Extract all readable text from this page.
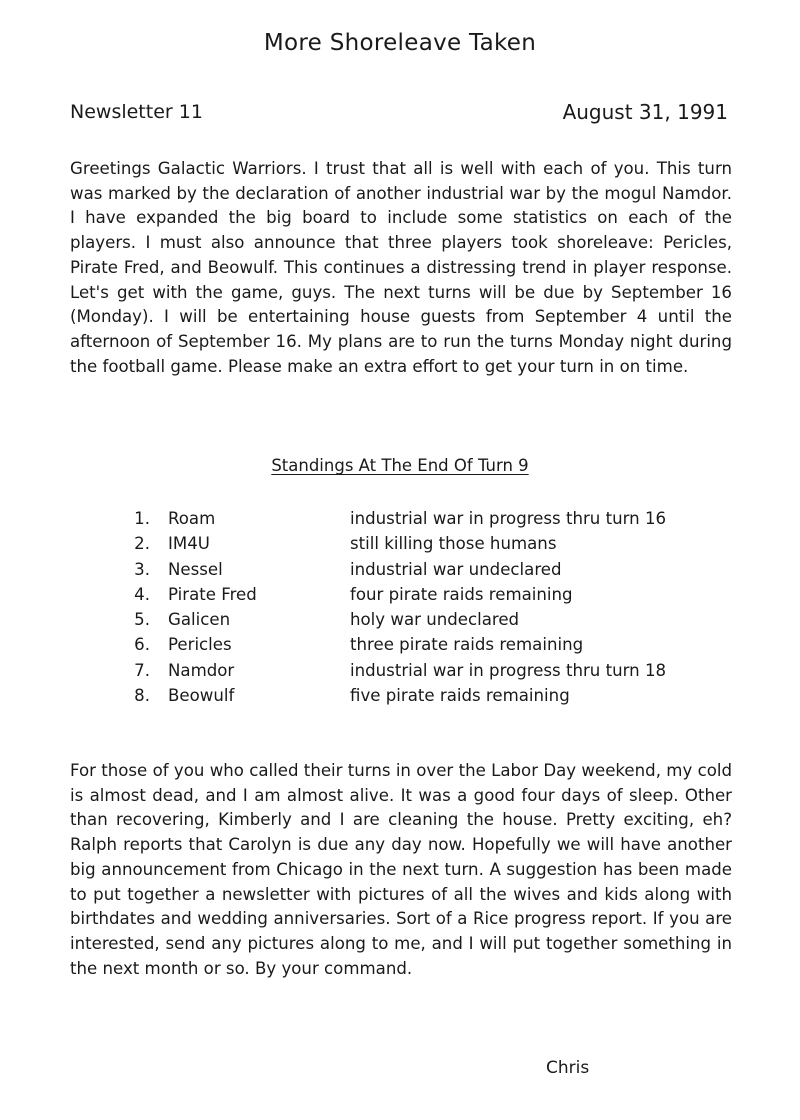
More Shoreleave Taken
Newsletter 11	August 31, 1991

Greetings Galactic Warriors. I trust that all is well with each of you. This turn was marked by the declaration of another industrial war by the mogul Namdor. I have expanded the big board to include some statistics on each of the players. I must also announce that three players took shoreleave: Pericles, Pirate Fred, and Beowulf. This continues a distressing trend in player response. Let's get with the game, guys. The next turns will be due by September 16 (Monday). I will be entertaining house guests from September 4 until the afternoon of September 16. My plans are to run the turns Monday night during the football game. Please make an extra effort to get your turn in on time.

Standings At The End Of Turn 9
1. Roam	industrial war in progress thru turn 16
2. IM4U	still killing those humans
3. Nessel	industrial war undeclared
4. Pirate Fred	four pirate raids remaining
5. Galicen	holy war undeclared
6. Pericles	three pirate raids remaining
7. Namdor	industrial war in progress thru turn 18
8. Beowulf	five pirate raids remaining

For those of you who called their turns in over the Labor Day weekend, my cold is almost dead, and I am almost alive. It was a good four days of sleep. Other than recovering, Kimberly and I are cleaning the house. Pretty exciting, eh? Ralph reports that Carolyn is due any day now. Hopefully we will have another big announcement from Chicago in the next turn. A suggestion has been made to put together a newsletter with pictures of all the wives and kids along with birthdates and wedding anniversaries. Sort of a Rice progress report. If you are interested, send any pictures along to me, and I will put together something in the next month or so. By your command.

Chris
